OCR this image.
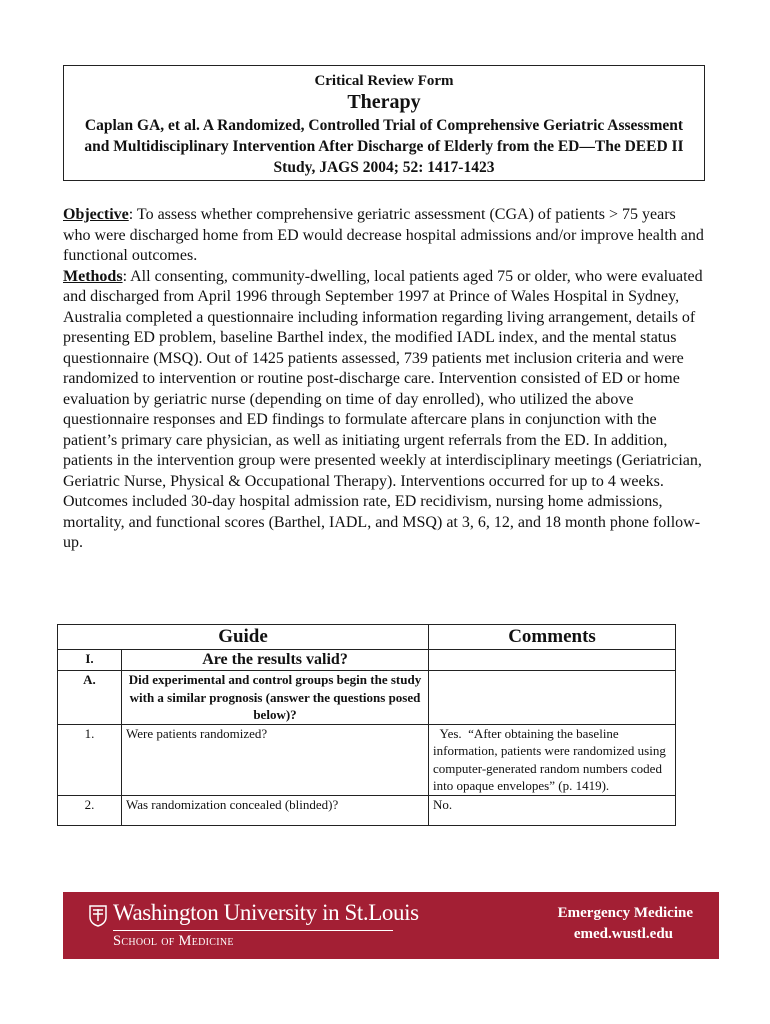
Critical Review Form
Therapy
Caplan GA, et al. A Randomized, Controlled Trial of Comprehensive Geriatric Assessment and Multidisciplinary Intervention After Discharge of Elderly from the ED—The DEED II Study, JAGS 2004; 52: 1417-1423

Objective: To assess whether comprehensive geriatric assessment (CGA) of patients > 75 years who were discharged home from ED would decrease hospital admissions and/or improve health and functional outcomes.

Methods: All consenting, community-dwelling, local patients aged 75 or older, who were evaluated and discharged from April 1996 through September 1997 at Prince of Wales Hospital in Sydney, Australia completed a questionnaire including information regarding living arrangement, details of presenting ED problem, baseline Barthel index, the modified IADL index, and the mental status questionnaire (MSQ). Out of 1425 patients assessed, 739 patients met inclusion criteria and were randomized to intervention or routine post-discharge care. Intervention consisted of ED or home evaluation by geriatric nurse (depending on time of day enrolled), who utilized the above questionnaire responses and ED findings to formulate aftercare plans in conjunction with the patient’s primary care physician, as well as initiating urgent referrals from the ED. In addition, patients in the intervention group were presented weekly at interdisciplinary meetings (Geriatrician, Geriatric Nurse, Physical & Occupational Therapy). Interventions occurred for up to 4 weeks. Outcomes included 30-day hospital admission rate, ED recidivism, nursing home admissions, mortality, and functional scores (Barthel, IADL, and MSQ) at 3, 6, 12, and 18 month phone follow-up.

Guide		Comments
I.	Are the results valid?	
A.	Did experimental and control groups begin the study with a similar prognosis (answer the questions posed below)?	
1.	Were patients randomized?	Yes.  “After obtaining the baseline information, patients were randomized using computer-generated random numbers coded into opaque envelopes” (p. 1419).
2.	Was randomization concealed (blinded)?	No.
Washington University in St.Louis
School of Medicine
Emergency Medicine
emed.wustl.edu
